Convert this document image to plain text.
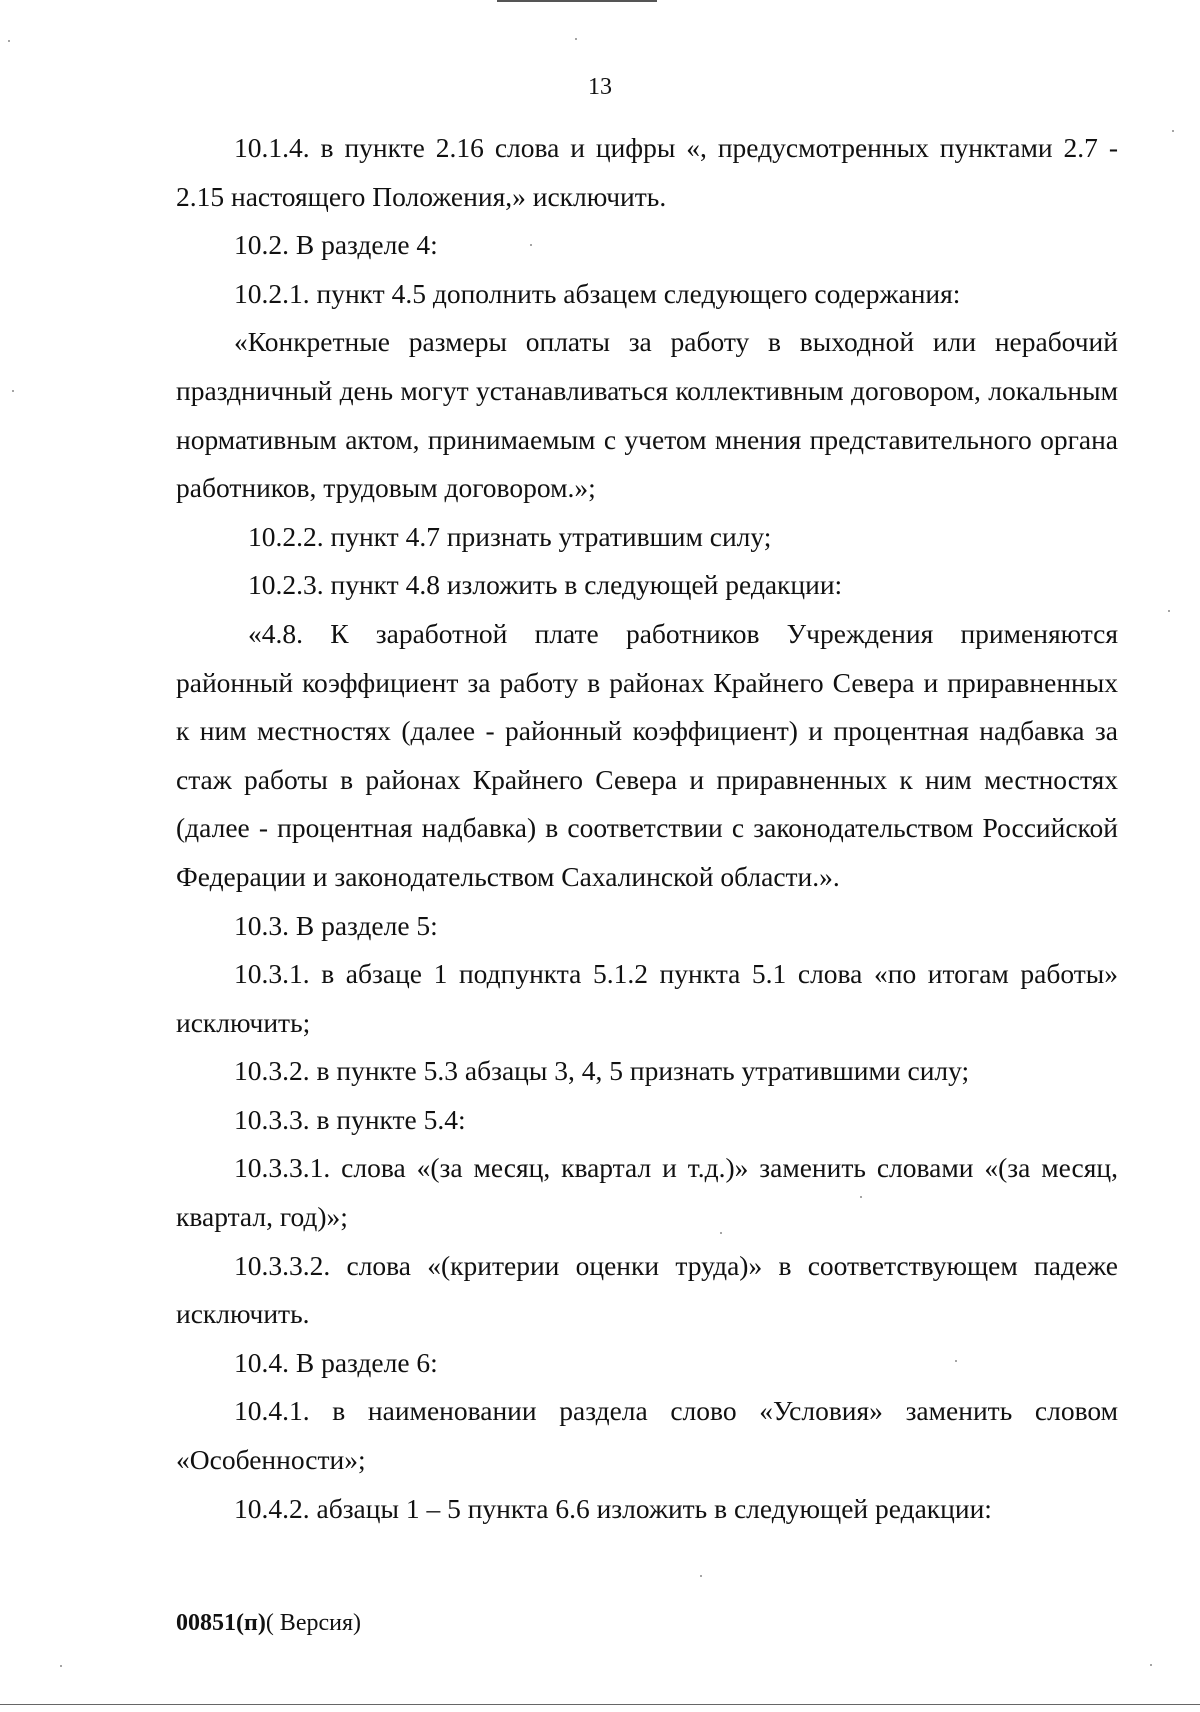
13

10.1.4. в пункте 2.16 слова и цифры «, предусмотренных пунктами 2.7 - 2.15 настоящего Положения,» исключить.

10.2. В разделе 4:

10.2.1. пункт 4.5 дополнить абзацем следующего содержания:

«Конкретные размеры оплаты за работу в выходной или нерабочий праздничный день могут устанавливаться коллективным договором, локальным нормативным актом, принимаемым с учетом мнения представительного органа работников, трудовым договором.»;

10.2.2. пункт 4.7 признать утратившим силу;

10.2.3. пункт 4.8 изложить в следующей редакции:

«4.8. К заработной плате работников Учреждения применяются районный коэффициент за работу в районах Крайнего Севера и приравненных к ним местностях (далее - районный коэффициент) и процентная надбавка за стаж работы в районах Крайнего Севера и приравненных к ним местностях (далее - процентная надбавка) в соответствии с законодательством Российской Федерации и законодательством Сахалинской области.».

10.3. В разделе 5:

10.3.1. в абзаце 1 подпункта 5.1.2 пункта 5.1 слова «по итогам работы» исключить;

10.3.2. в пункте 5.3 абзацы 3, 4, 5 признать утратившими силу;

10.3.3. в пункте 5.4:

10.3.3.1. слова «(за месяц, квартал и т.д.)» заменить словами «(за месяц, квартал, год)»;

10.3.3.2. слова «(критерии оценки труда)» в соответствующем падеже исключить.

10.4. В разделе 6:

10.4.1. в наименовании раздела слово «Условия» заменить словом «Особенности»;

10.4.2. абзацы 1 – 5 пункта 6.6 изложить в следующей редакции:

00851(п)( Версия)
